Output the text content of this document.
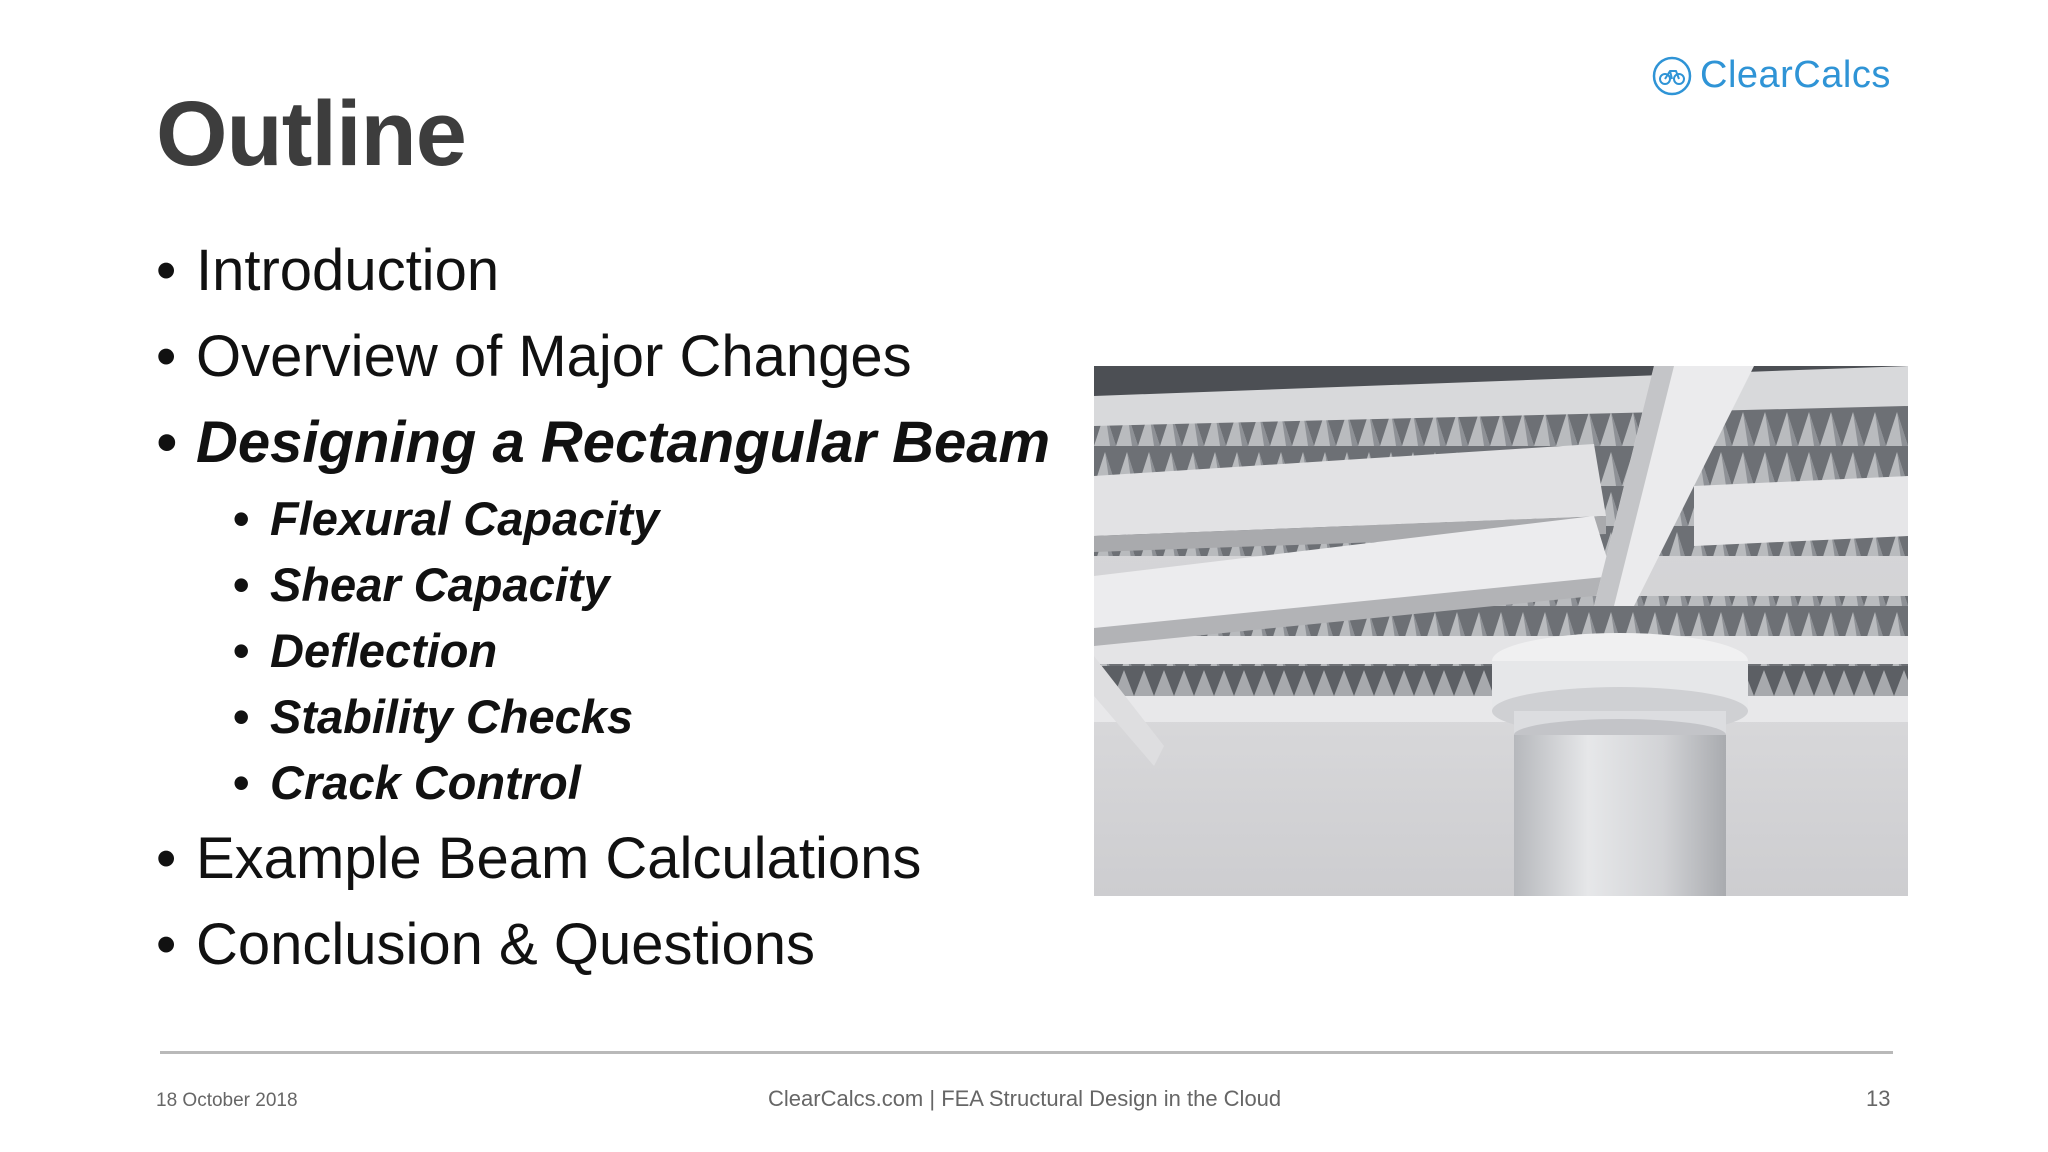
Outline
ClearCalcs
• Introduction
• Overview of Major Changes
• Designing a Rectangular Beam
• Flexural Capacity
• Shear Capacity
• Deflection
• Stability Checks
• Crack Control
• Example Beam Calculations
• Conclusion & Questions
18 October 2018	ClearCalcs.com | FEA Structural Design in the Cloud	13
